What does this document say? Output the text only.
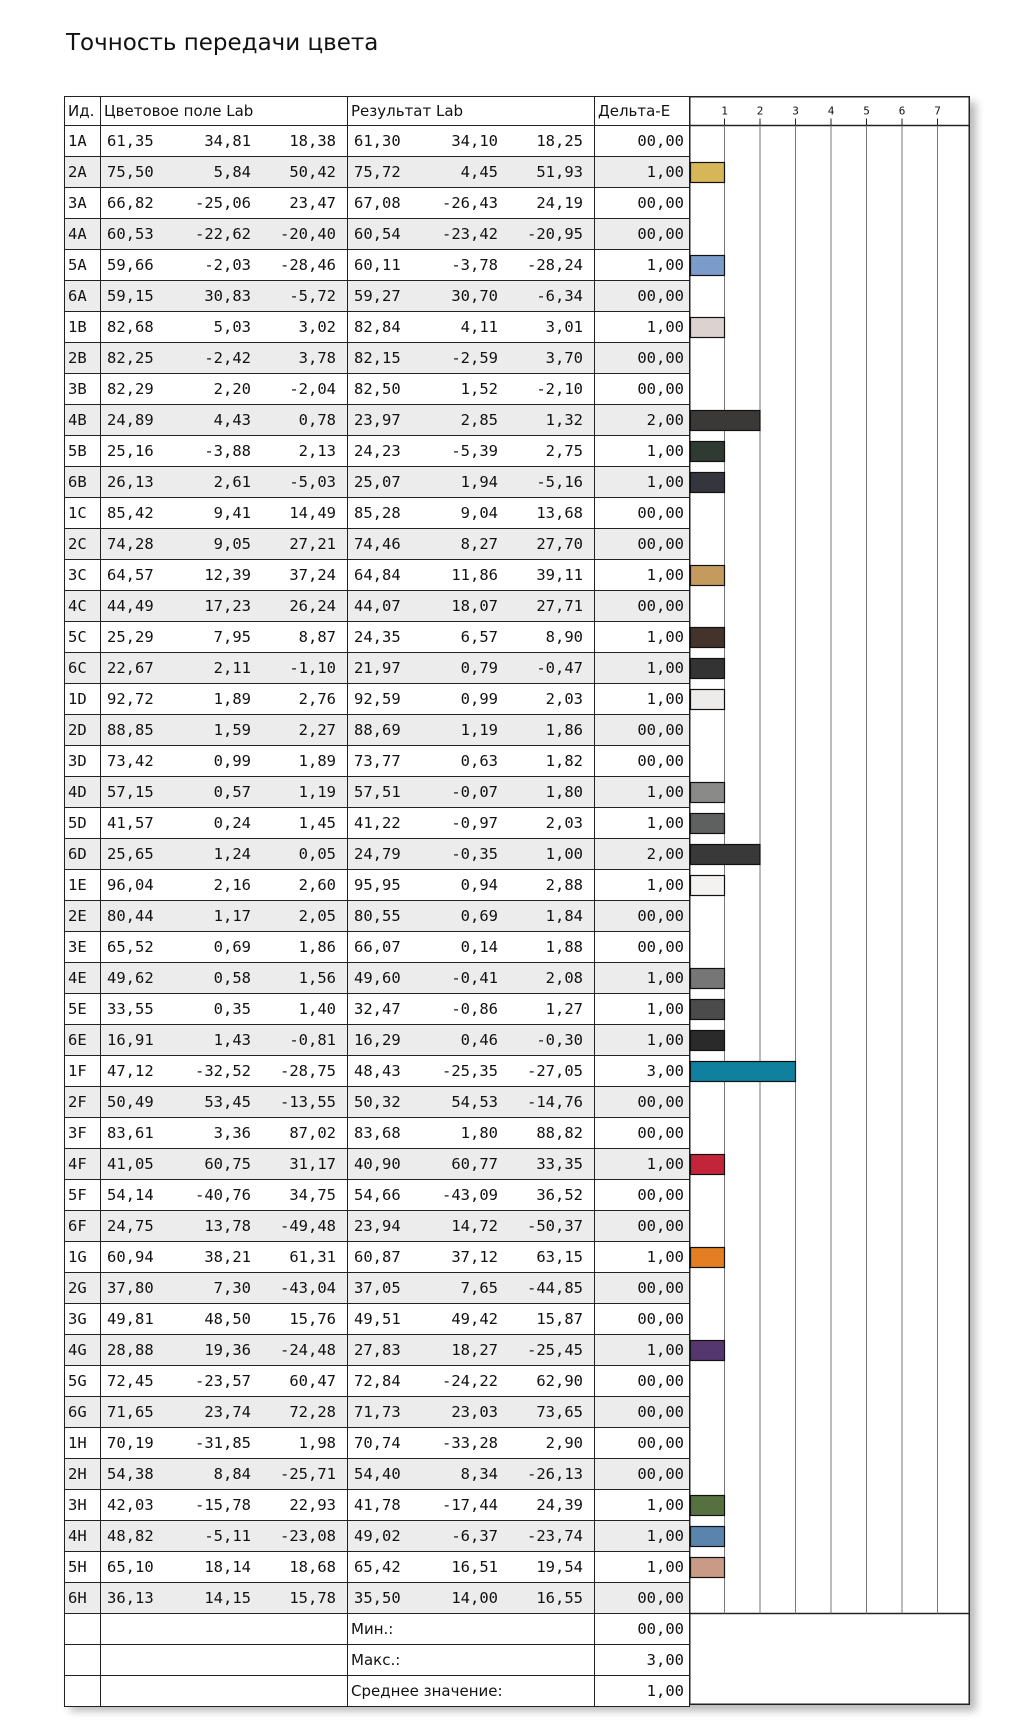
Точность передачи цвета
Ид.	Цветовое поле Lab	Результат Lab	Дельта-E
1A	61,35 34,81 18,38	61,30 34,10 18,25	00,00
2A	75,50 5,84 50,42	75,72 4,45 51,93	1,00
3A	66,82 -25,06 23,47	67,08 -26,43 24,19	00,00
4A	60,53 -22,62 -20,40	60,54 -23,42 -20,95	00,00
5A	59,66 -2,03 -28,46	60,11 -3,78 -28,24	1,00
6A	59,15 30,83 -5,72	59,27 30,70 -6,34	00,00
1B	82,68 5,03 3,02	82,84 4,11 3,01	1,00
2B	82,25 -2,42 3,78	82,15 -2,59 3,70	00,00
3B	82,29 2,20 -2,04	82,50 1,52 -2,10	00,00
4B	24,89 4,43 0,78	23,97 2,85 1,32	2,00
5B	25,16 -3,88 2,13	24,23 -5,39 2,75	1,00
6B	26,13 2,61 -5,03	25,07 1,94 -5,16	1,00
1C	85,42 9,41 14,49	85,28 9,04 13,68	00,00
2C	74,28 9,05 27,21	74,46 8,27 27,70	00,00
3C	64,57 12,39 37,24	64,84 11,86 39,11	1,00
4C	44,49 17,23 26,24	44,07 18,07 27,71	00,00
5C	25,29 7,95 8,87	24,35 6,57 8,90	1,00
6C	22,67 2,11 -1,10	21,97 0,79 -0,47	1,00
1D	92,72 1,89 2,76	92,59 0,99 2,03	1,00
2D	88,85 1,59 2,27	88,69 1,19 1,86	00,00
3D	73,42 0,99 1,89	73,77 0,63 1,82	00,00
4D	57,15 0,57 1,19	57,51 -0,07 1,80	1,00
5D	41,57 0,24 1,45	41,22 -0,97 2,03	1,00
6D	25,65 1,24 0,05	24,79 -0,35 1,00	2,00
1E	96,04 2,16 2,60	95,95 0,94 2,88	1,00
2E	80,44 1,17 2,05	80,55 0,69 1,84	00,00
3E	65,52 0,69 1,86	66,07 0,14 1,88	00,00
4E	49,62 0,58 1,56	49,60 -0,41 2,08	1,00
5E	33,55 0,35 1,40	32,47 -0,86 1,27	1,00
6E	16,91 1,43 -0,81	16,29 0,46 -0,30	1,00
1F	47,12 -32,52 -28,75	48,43 -25,35 -27,05	3,00
2F	50,49 53,45 -13,55	50,32 54,53 -14,76	00,00
3F	83,61 3,36 87,02	83,68 1,80 88,82	00,00
4F	41,05 60,75 31,17	40,90 60,77 33,35	1,00
5F	54,14 -40,76 34,75	54,66 -43,09 36,52	00,00
6F	24,75 13,78 -49,48	23,94 14,72 -50,37	00,00
1G	60,94 38,21 61,31	60,87 37,12 63,15	1,00
2G	37,80 7,30 -43,04	37,05 7,65 -44,85	00,00
3G	49,81 48,50 15,76	49,51 49,42 15,87	00,00
4G	28,88 19,36 -24,48	27,83 18,27 -25,45	1,00
5G	72,45 -23,57 60,47	72,84 -24,22 62,90	00,00
6G	71,65 23,74 72,28	71,73 23,03 73,65	00,00
1H	70,19 -31,85 1,98	70,74 -33,28 2,90	00,00
2H	54,38 8,84 -25,71	54,40 8,34 -26,13	00,00
3H	42,03 -15,78 22,93	41,78 -17,44 24,39	1,00
4H	48,82 -5,11 -23,08	49,02 -6,37 -23,74	1,00
5H	65,10 18,14 18,68	65,42 16,51 19,54	1,00
6H	36,13 14,15 15,78	35,50 14,00 16,55	00,00
		Мин.:	00,00
		Макс.:	3,00
		Среднее значение:	1,00
1	2	3	4	5	6	7
